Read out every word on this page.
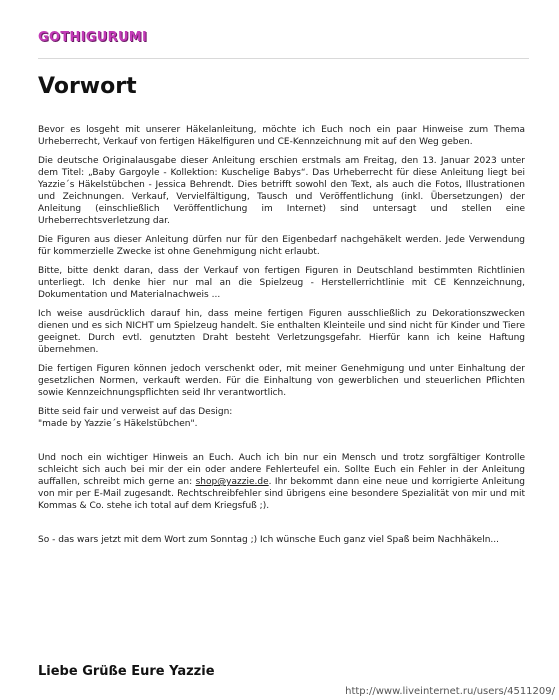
GOTHIGURUMI
Vorwort

Bevor es losgeht mit unserer Häkelanleitung, möchte ich Euch noch ein paar Hinweise zum Thema Urheberrecht, Verkauf von fertigen Häkelfiguren und CE-Kennzeichnung mit auf den Weg geben.

Die deutsche Originalausgabe dieser Anleitung erschien erstmals am Freitag, den 13. Januar 2023 unter dem Titel: „Baby Gargoyle - Kollektion: Kuschelige Babys“. Das Urheberrecht für diese Anleitung liegt bei Yazzie´s Häkelstübchen - Jessica Behrendt. Dies betrifft sowohl den Text, als auch die Fotos, Illustrationen und Zeichnungen. Verkauf, Vervielfältigung, Tausch und Veröffentlichung (inkl. Übersetzungen) der Anleitung (einschließlich Veröffentlichung im Internet) sind untersagt und stellen eine Urheberrechtsverletzung dar.

Die Figuren aus dieser Anleitung dürfen nur für den Eigenbedarf nachgehäkelt werden. Jede Verwendung für kommerzielle Zwecke ist ohne Genehmigung nicht erlaubt.

Bitte, bitte denkt daran, dass der Verkauf von fertigen Figuren in Deutschland bestimmten Richtlinien unterliegt. Ich denke hier nur mal an die Spielzeug - Herstellerrichtlinie mit CE Kennzeichnung, Dokumentation und Materialnachweis ...

Ich weise ausdrücklich darauf hin, dass meine fertigen Figuren ausschließlich zu Dekorationszwecken dienen und es sich NICHT um Spielzeug handelt. Sie enthalten Kleinteile und sind nicht für Kinder und Tiere geeignet. Durch evtl. genutzten Draht besteht Verletzungsgefahr. Hierfür kann ich keine Haftung übernehmen.

Die fertigen Figuren können jedoch verschenkt oder, mit meiner Genehmigung und unter Einhaltung der gesetzlichen Normen, verkauft werden. Für die Einhaltung von gewerblichen und steuerlichen Pflichten sowie Kennzeichnungspflichten seid Ihr verantwortlich.

Bitte seid fair und verweist auf das Design:
"made by Yazzie´s Häkelstübchen".

Und noch ein wichtiger Hinweis an Euch. Auch ich bin nur ein Mensch und trotz sorgfältiger Kontrolle schleicht sich auch bei mir der ein oder andere Fehlerteufel ein. Sollte Euch ein Fehler in der Anleitung auffallen, schreibt mich gerne an: shop@yazzie.de. Ihr bekommt dann eine neue und korrigierte Anleitung von mir per E-Mail zugesandt. Rechtschreibfehler sind übrigens eine besondere Spezialität von mir und mit Kommas & Co. stehe ich total auf dem Kriegsfuß ;).

So - das wars jetzt mit dem Wort zum Sonntag ;) Ich wünsche Euch ganz viel Spaß beim Nachhäkeln...

Liebe Grüße Eure Yazzie
http://www.liveinternet.ru/users/4511209/
